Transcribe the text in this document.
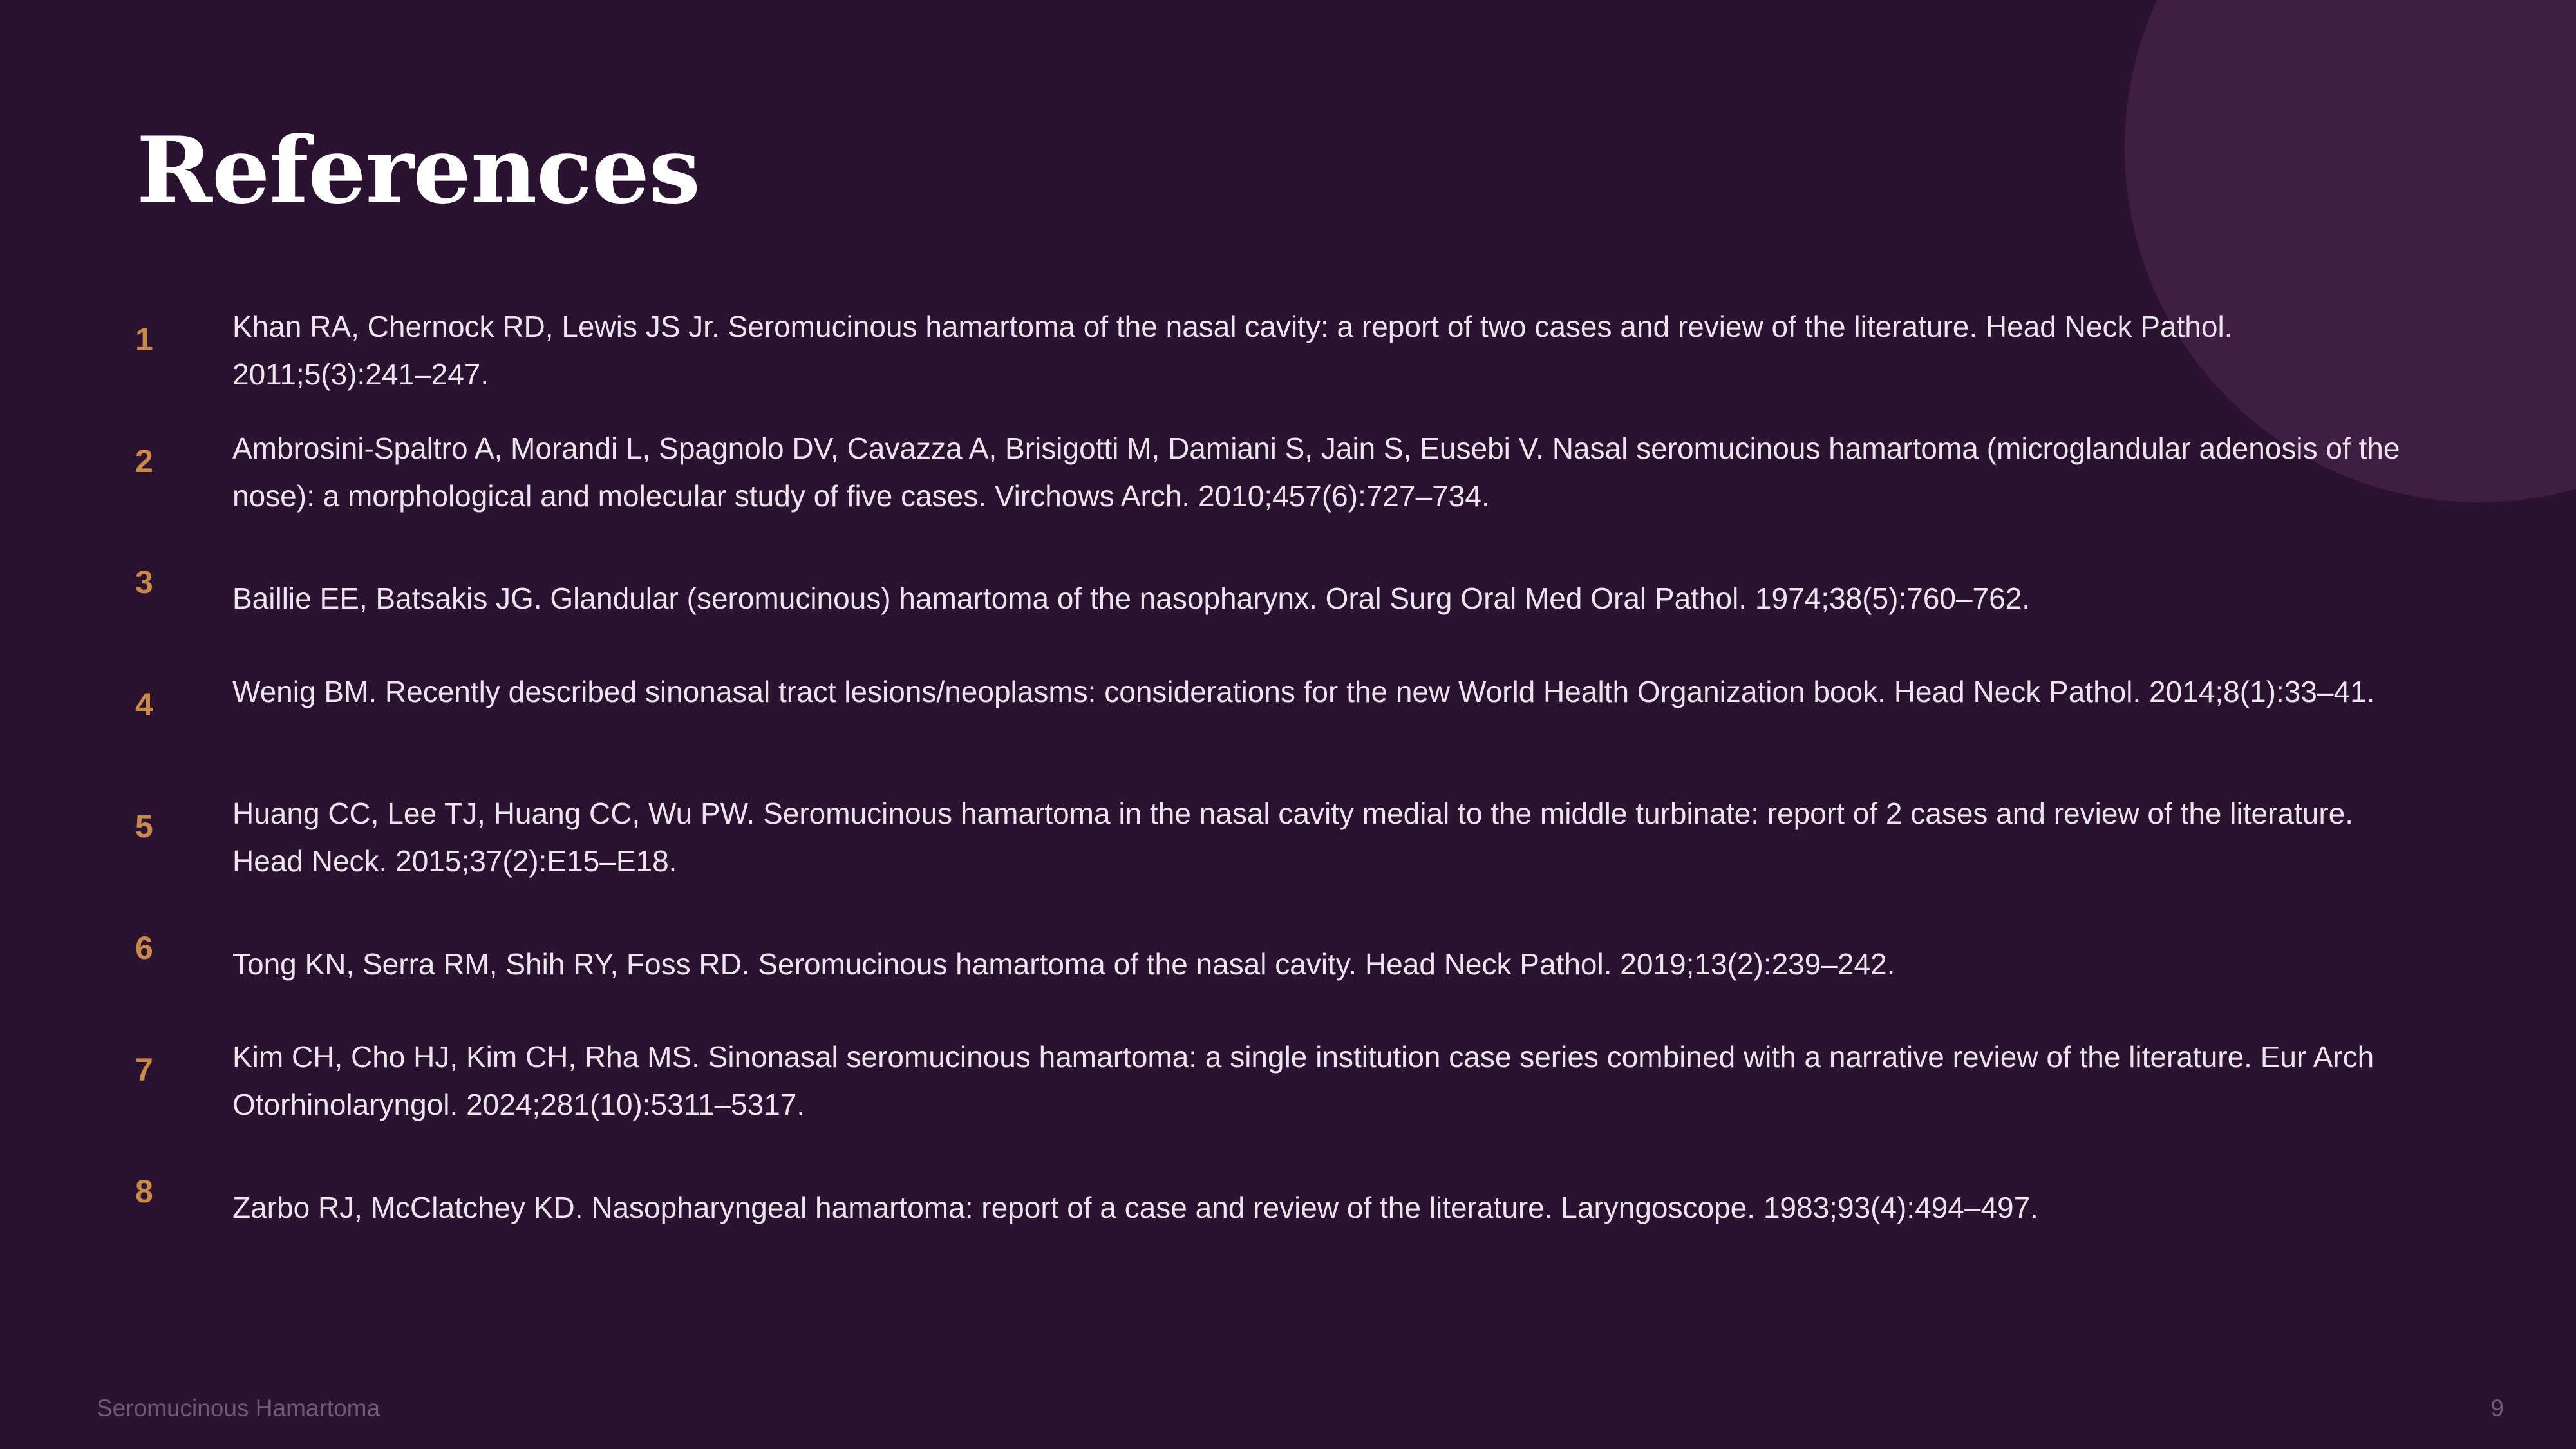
References
1	Khan RA, Chernock RD, Lewis JS Jr. Seromucinous hamartoma of the nasal cavity: a report of two cases and review of the literature. Head Neck Pathol. 2011;5(3):241–247.
2	Ambrosini-Spaltro A, Morandi L, Spagnolo DV, Cavazza A, Brisigotti M, Damiani S, Jain S, Eusebi V. Nasal seromucinous hamartoma (microglandular adenosis of the nose): a morphological and molecular study of five cases. Virchows Arch. 2010;457(6):727–734.
3	Baillie EE, Batsakis JG. Glandular (seromucinous) hamartoma of the nasopharynx. Oral Surg Oral Med Oral Pathol. 1974;38(5):760–762.
4	Wenig BM. Recently described sinonasal tract lesions/neoplasms: considerations for the new World Health Organization book. Head Neck Pathol. 2014;8(1):33–41.
5	Huang CC, Lee TJ, Huang CC, Wu PW. Seromucinous hamartoma in the nasal cavity medial to the middle turbinate: report of 2 cases and review of the literature. Head Neck. 2015;37(2):E15–E18.
6	Tong KN, Serra RM, Shih RY, Foss RD. Seromucinous hamartoma of the nasal cavity. Head Neck Pathol. 2019;13(2):239–242.
7	Kim CH, Cho HJ, Kim CH, Rha MS. Sinonasal seromucinous hamartoma: a single institution case series combined with a narrative review of the literature. Eur Arch Otorhinolaryngol. 2024;281(10):5311–5317.
8	Zarbo RJ, McClatchey KD. Nasopharyngeal hamartoma: report of a case and review of the literature. Laryngoscope. 1983;93(4):494–497.
Seromucinous Hamartoma	9
